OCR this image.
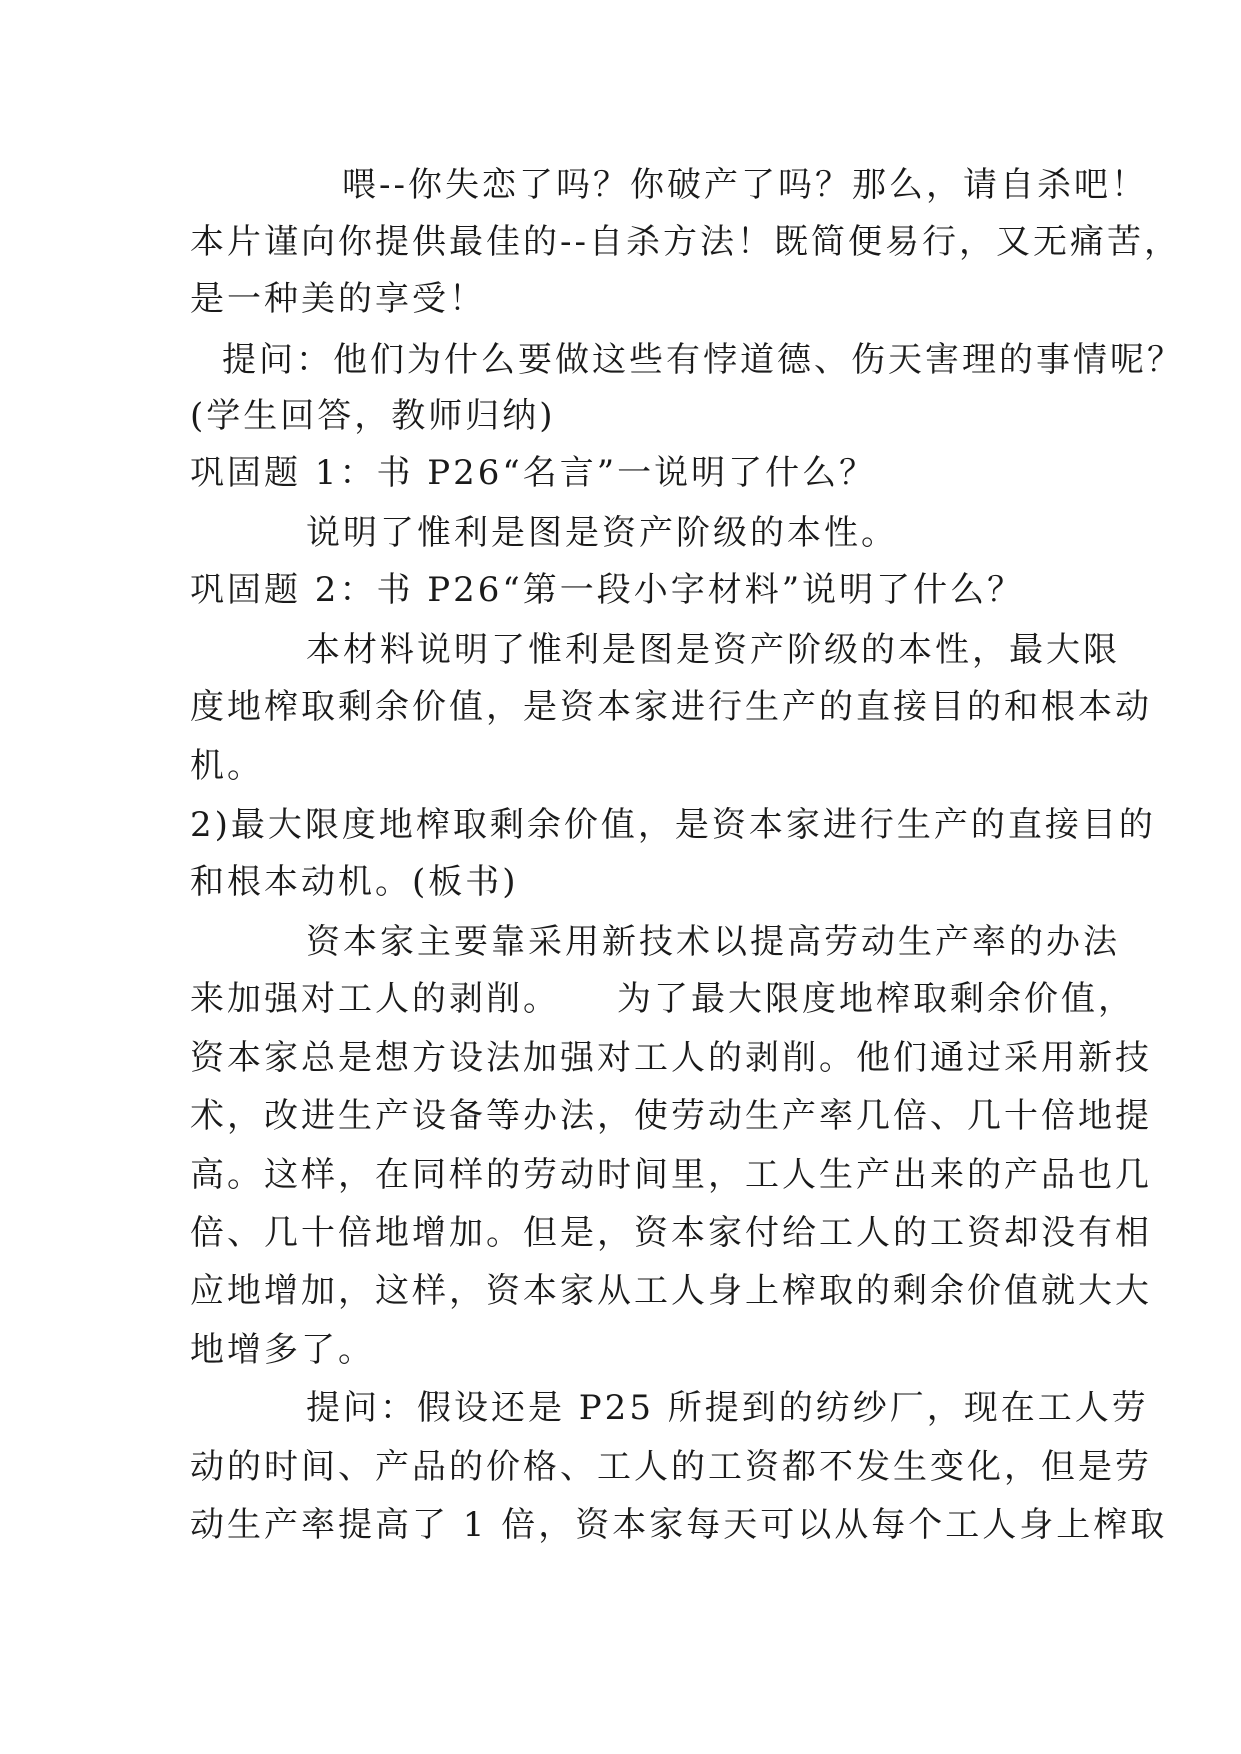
喂--你失恋了吗？你破产了吗？那么，请自杀吧！

本片谨向你提供最佳的--自杀方法！既简便易行，又无痛苦，

是一种美的享受！

提问：他们为什么要做这些有悖道德、伤天害理的事情呢？

(学生回答，教师归纳)

巩固题 1：书 P26“名言”一说明了什么？

说明了惟利是图是资产阶级的本性。

巩固题 2：书 P26“第一段小字材料”说明了什么？

本材料说明了惟利是图是资产阶级的本性，最大限

度地榨取剩余价值，是资本家进行生产的直接目的和根本动

机。

2)最大限度地榨取剩余价值，是资本家进行生产的直接目的

和根本动机。(板书)

资本家主要靠采用新技术以提高劳动生产率的办法

来加强对工人的剥削。　　为了最大限度地榨取剩余价值，

资本家总是想方设法加强对工人的剥削。他们通过采用新技

术，改进生产设备等办法，使劳动生产率几倍、几十倍地提

高。这样，在同样的劳动时间里，工人生产出来的产品也几

倍、几十倍地增加。但是，资本家付给工人的工资却没有相

应地增加，这样，资本家从工人身上榨取的剩余价值就大大

地增多了。

提问：假设还是 P25 所提到的纺纱厂，现在工人劳

动的时间、产品的价格、工人的工资都不发生变化，但是劳

动生产率提高了 1 倍，资本家每天可以从每个工人身上榨取
